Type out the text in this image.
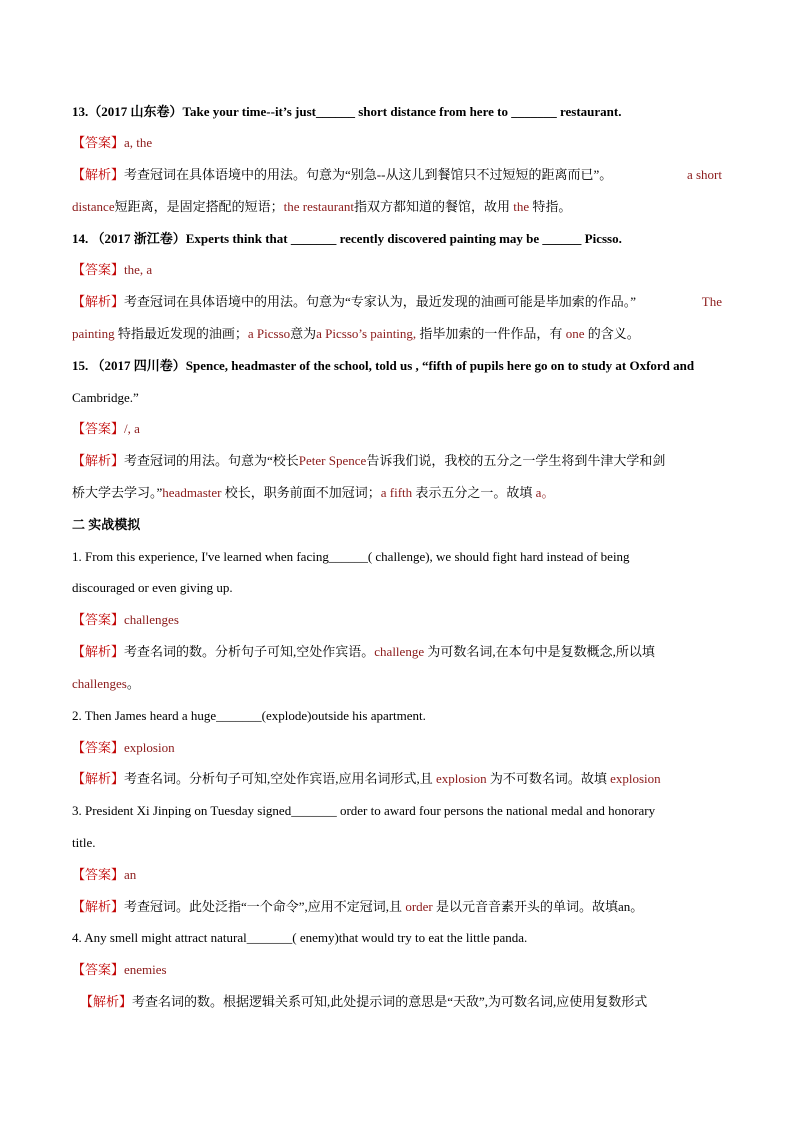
13.（2017 山东卷）Take your time--it’s just______ short distance from here to _______ restaurant.
【答案】a, the
【解析】考查冠词在具体语境中的用法。句意为“别急--从这儿到餐馆只不过短短的距离而已”。	a short
distance短距离，是固定搭配的短语；the restaurant指双方都知道的餐馆，故用 the 特指。
14. （2017 浙江卷）Experts think that _______ recently discovered painting may be ______ Picsso.
【答案】the, a
【解析】考查冠词在具体语境中的用法。句意为“专家认为，最近发现的油画可能是毕加索的作品。”	The
painting 特指最近发现的油画；a Picsso意为a Picsso’s painting, 指毕加索的一件作品，有 one 的含义。
15. （2017 四川卷）Spence, headmaster of the school, told us , “fifth of pupils here go on to study at Oxford and
Cambridge.”
【答案】/, a
【解析】考查冠词的用法。句意为“校长Peter Spence告诉我们说，我校的五分之一学生将到牛津大学和剑
桥大学去学习。”headmaster 校长，职务前面不加冠词；a fifth 表示五分之一。故填 a。
二 实战模拟
1. From this experience, I've learned when facing______( challenge), we should fight hard instead of being
discouraged or even giving up.
【答案】challenges
【解析】考查名词的数。分析句子可知,空处作宾语。challenge 为可数名词,在本句中是复数概念,所以填
challenges。
2. Then James heard a huge_______(explode)outside his apartment.
【答案】explosion
【解析】考查名词。分析句子可知,空处作宾语,应用名词形式,且 explosion 为不可数名词。故填 explosion
3. President Xi Jinping on Tuesday signed_______ order to award four persons the national medal and honorary
title.
【答案】an
【解析】考查冠词。此处泛指“一个命令”,应用不定冠词,且 order 是以元音音素开头的单词。故填an。
4. Any smell might attract natural_______( enemy)that would try to eat the little panda.
【答案】enemies
【解析】考查名词的数。根据逻辑关系可知,此处提示词的意思是“天敌”,为可数名词,应使用复数形式
